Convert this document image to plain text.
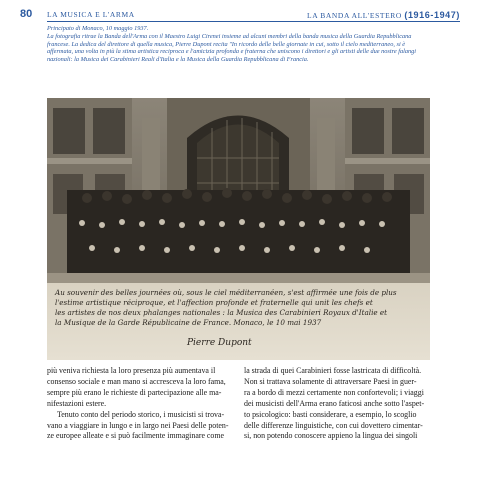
80 LA MUSICA E L'ARMA	LA BANDA ALL'ESTERO (1916-1947)
Principato di Monaco, 10 maggio 1937.
La fotografia ritrae la Banda dell'Arma con il Maestro Luigi Cirenei insieme ad alcuni membri della banda musica della Guardia Repubblicana
francese. La dedica del direttore di quella musica, Pierre Dupont recita "In ricordo delle belle giornate in cui, sotto il cielo mediterraneo, si è
affermata, una volta in più la stima artistica reciproca e l'amicizia profonda e fraterna che uniscono i direttori e gli artisti delle due nostre falangi
nazionali: la Musica dei Carabinieri Reali d'Italia e la Musica della Guardia Repubblicana di Francia.
Au souvenir des belles journées où, sous le ciel méditerranéen, s'est affirmée une fois de plus
l'estime artistique réciproque, et l'affection profonde et fraternelle qui unit les chefs et
les artistes de nos deux phalanges nationales : la Musica des Carabinieri Royaux d'Italie et
la Musique de la Garde Républicaine de France. Monaco, le 10 mai 1937
Pierre Dupont
più veniva richiesta la loro presenza più aumentava il
consenso sociale e man mano si accresceva la loro fama,
sempre più erano le richieste di partecipazione alle ma-
nifestazioni estere.
Tenuto conto del periodo storico, i musicisti si trova-
vano a viaggiare in lungo e in largo nei Paesi delle poten-
ze europee alleate e si può facilmente immaginare come
la strada di quei Carabinieri fosse lastricata di difficoltà.
Non si trattava solamente di attraversare Paesi in guer-
ra a bordo di mezzi certamente non confortevoli; i viaggi
dei musicisti dell'Arma erano faticosi anche sotto l'aspet-
to psicologico: basti considerare, a esempio, lo scoglio
delle differenze linguistiche, con cui dovettero cimentar-
si, non potendo conoscere appieno la lingua dei singoli
